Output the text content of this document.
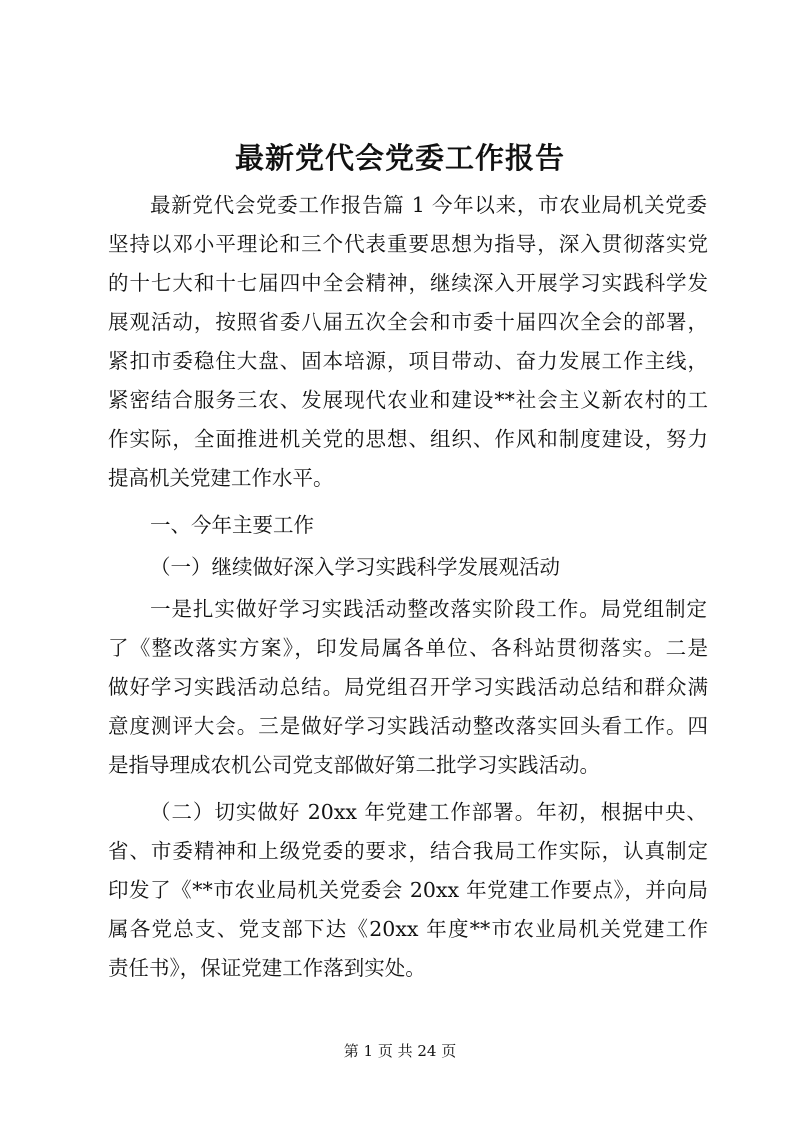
最新党代会党委工作报告
最新党代会党委工作报告篇 1 今年以来，市农业局机关党委
坚持以邓小平理论和三个代表重要思想为指导，深入贯彻落实党
的十七大和十七届四中全会精神，继续深入开展学习实践科学发
展观活动，按照省委八届五次全会和市委十届四次全会的部署，
紧扣市委稳住大盘、固本培源，项目带动、奋力发展工作主线，
紧密结合服务三农、发展现代农业和建设**社会主义新农村的工
作实际，全面推进机关党的思想、组织、作风和制度建设，努力
提高机关党建工作水平。
一、今年主要工作
（一）继续做好深入学习实践科学发展观活动
一是扎实做好学习实践活动整改落实阶段工作。局党组制定
了《整改落实方案》，印发局属各单位、各科站贯彻落实。二是
做好学习实践活动总结。局党组召开学习实践活动总结和群众满
意度测评大会。三是做好学习实践活动整改落实回头看工作。四
是指导理成农机公司党支部做好第二批学习实践活动。
（二）切实做好 20xx 年党建工作部署。年初，根据中央、
省、市委精神和上级党委的要求，结合我局工作实际，认真制定
印发了《**市农业局机关党委会 20xx 年党建工作要点》，并向局
属各党总支、党支部下达《20xx 年度**市农业局机关党建工作
责任书》，保证党建工作落到实处。
第 1 页 共 24 页
